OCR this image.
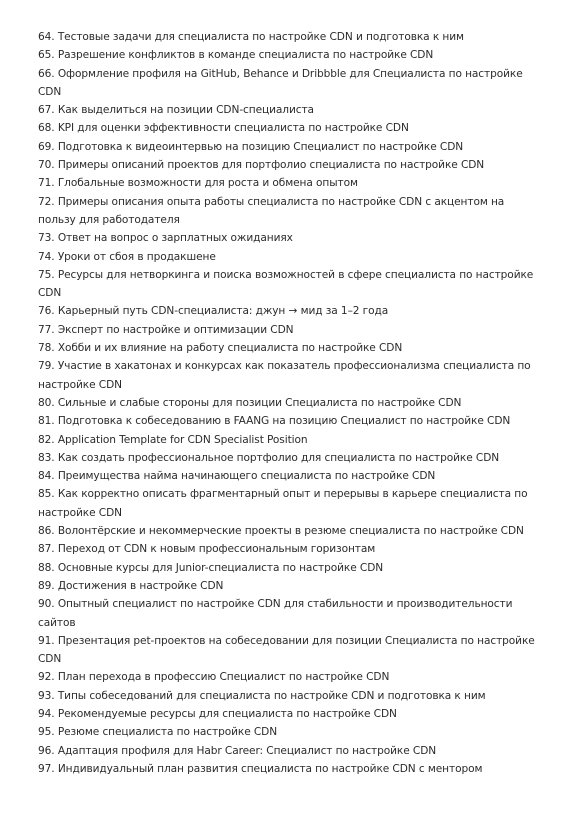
64. Тестовые задачи для специалиста по настройке CDN и подготовка к ним
65. Разрешение конфликтов в команде специалиста по настройке CDN
66. Оформление профиля на GitHub, Behance и Dribbble для Специалиста по настройке CDN
67. Как выделиться на позиции CDN-специалиста
68. KPI для оценки эффективности специалиста по настройке CDN
69. Подготовка к видеоинтервью на позицию Специалист по настройке CDN
70. Примеры описаний проектов для портфолио специалиста по настройке CDN
71. Глобальные возможности для роста и обмена опытом
72. Примеры описания опыта работы специалиста по настройке CDN с акцентом на пользу для работодателя
73. Ответ на вопрос о зарплатных ожиданиях
74. Уроки от сбоя в продакшене
75. Ресурсы для нетворкинга и поиска возможностей в сфере специалиста по настройке CDN
76. Карьерный путь CDN-специалиста: джун → мид за 1–2 года
77. Эксперт по настройке и оптимизации CDN
78. Хобби и их влияние на работу специалиста по настройке CDN
79. Участие в хакатонах и конкурсах как показатель профессионализма специалиста по настройке CDN
80. Сильные и слабые стороны для позиции Специалиста по настройке CDN
81. Подготовка к собеседованию в FAANG на позицию Специалист по настройке CDN
82. Application Template for CDN Specialist Position
83. Как создать профессиональное портфолио для специалиста по настройке CDN
84. Преимущества найма начинающего специалиста по настройке CDN
85. Как корректно описать фрагментарный опыт и перерывы в карьере специалиста по настройке CDN
86. Волонтёрские и некоммерческие проекты в резюме специалиста по настройке CDN
87. Переход от CDN к новым профессиональным горизонтам
88. Основные курсы для Junior-специалиста по настройке CDN
89. Достижения в настройке CDN
90. Опытный специалист по настройке CDN для стабильности и производительности сайтов
91. Презентация pet-проектов на собеседовании для позиции Специалиста по настройке CDN
92. План перехода в профессию Специалист по настройке CDN
93. Типы собеседований для специалиста по настройке CDN и подготовка к ним
94. Рекомендуемые ресурсы для специалиста по настройке CDN
95. Резюме специалиста по настройке CDN
96. Адаптация профиля для Habr Career: Специалист по настройке CDN
97. Индивидуальный план развития специалиста по настройке CDN с ментором
